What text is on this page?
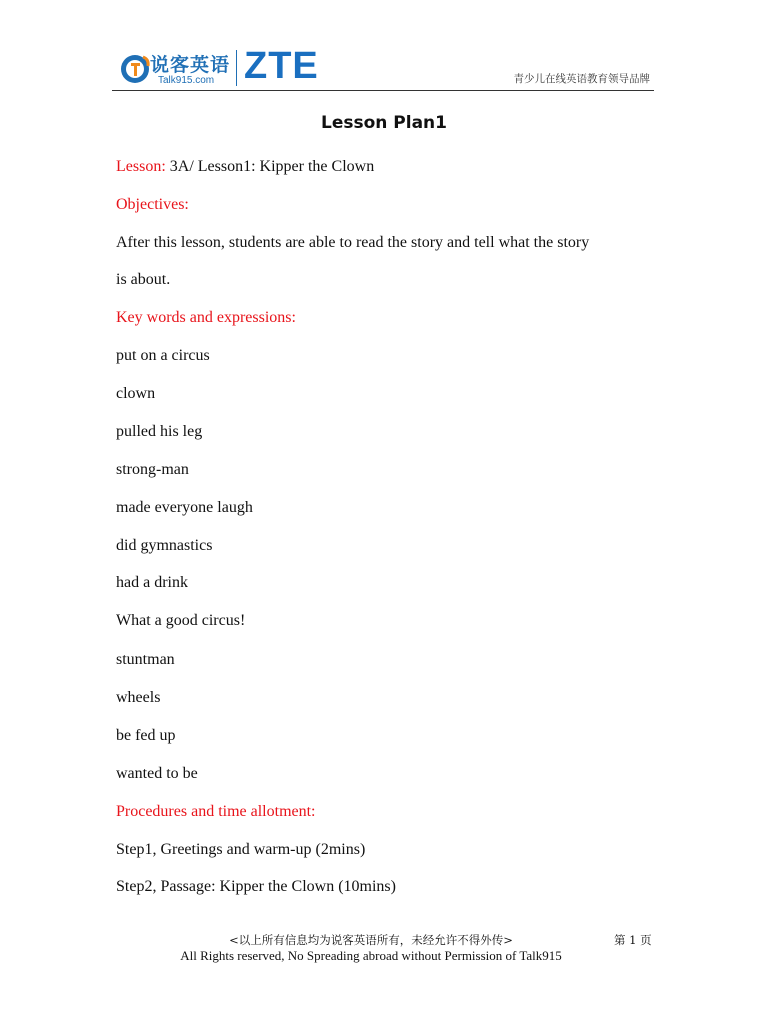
说客英语
Talk915.com ZTE	青少儿在线英语教育领导品牌
Lesson Plan1
Lesson: 3A/ Lesson1: Kipper the Clown
Objectives:
After this lesson, students are able to read the story and tell what the story
is about.
Key words and expressions:
put on a circus
clown
pulled his leg
strong-man
made everyone laugh
did gymnastics
had a drink
What a good circus!
stuntman
wheels
be fed up
wanted to be
Procedures and time allotment:
Step1, Greetings and warm-up (2mins)
Step2, Passage: Kipper the Clown (10mins)
<以上所有信息均为说客英语所有，未经允许不得外传>
All Rights reserved, No Spreading abroad without Permission of Talk915
第 1 页
